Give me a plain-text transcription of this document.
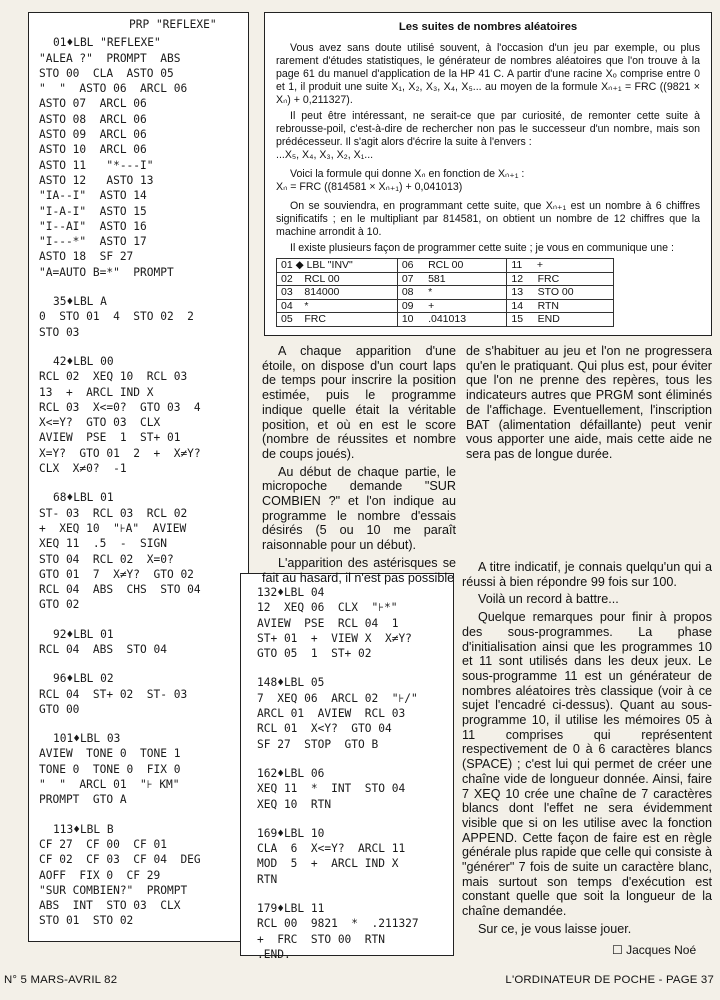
PRP "REFLEXE"
01♦LBL "REFLEXE"
"ALEA ?"  PROMPT  ABS
STO 00  CLA  ASTO 05
"  "  ASTO 06  ARCL 06
ASTO 07  ARCL 06
ASTO 08  ARCL 06
ASTO 09  ARCL 06
ASTO 10  ARCL 06
ASTO 11   "*---I"
ASTO 12   ASTO 13
"IA--I"  ASTO 14
"I-A-I"  ASTO 15
"I--AI"  ASTO 16
"I---*"  ASTO 17
ASTO 18  SF 27
"A=AUTO B=*"  PROMPT
35♦LBL A
0  STO 01  4  STO 02  2
STO 03
42♦LBL 00
RCL 02  XEQ 10  RCL 03
13  +  ARCL IND X
RCL 03  X<=0?  GTO 03  4
X<=Y?  GTO 03  CLX
AVIEW  PSE  1  ST+ 01
X=Y?  GTO 01  2  +  X≠Y?
CLX  X≠0?  -1
68♦LBL 01
ST- 03  RCL 03  RCL 02
+  XEQ 10  "⊦A"  AVIEW
XEQ 11  .5  -  SIGN
STO 04  RCL 02  X=0?
GTO 01  7  X≠Y?  GTO 02
RCL 04  ABS  CHS  STO 04
GTO 02
92♦LBL 01
RCL 04  ABS  STO 04
96♦LBL 02
RCL 04  ST+ 02  ST- 03
GTO 00
101♦LBL 03
AVIEW  TONE 0  TONE 1
TONE 0  TONE 0  FIX 0
"  "  ARCL 01  "⊦ KM"
PROMPT  GTO A
113♦LBL B
CF 27  CF 00  CF 01
CF 02  CF 03  CF 04  DEG
AOFF  FIX 0  CF 29
"SUR COMBIEN?"  PROMPT
ABS  INT  STO 03  CLX
STO 01  STO 02
132♦LBL 04
12  XEQ 06  CLX  "⊦*"
AVIEW  PSE  RCL 04  1
ST+ 01  +  VIEW X  X≠Y?
GTO 05  1  ST+ 02
148♦LBL 05
7  XEQ 06  ARCL 02  "⊦/"
ARCL 01  AVIEW  RCL 03
RCL 01  X<Y?  GTO 04
SF 27  STOP  GTO B
162♦LBL 06
XEQ 11  *  INT  STO 04
XEQ 10  RTN
169♦LBL 10
CLA  6  X<=Y?  ARCL 11
MOD  5  +  ARCL IND X
RTN
179♦LBL 11
RCL 00  9821  *  .211327
+  FRC  STO 00  RTN
.END.
Les suites de nombres aléatoires

Vous avez sans doute utilisé souvent, à l'occasion d'un jeu par exemple, ou plus rarement d'études statistiques, le générateur de nombres aléatoires que l'on trouve à la page 61 du manuel d'application de la HP 41 C. A partir d'une racine Xₒ comprise entre 0 et 1, il produit une suite X₁, X₂, X₃, X₄, X₅... au moyen de la formule Xₙ₊₁ = FRC ((9821 × Xₙ) + 0,211327).

Il peut être intéressant, ne serait-ce que par curiosité, de remonter cette suite à rebrousse-poil, c'est-à-dire de rechercher non pas le successeur d'un nombre, mais son prédécesseur. Il s'agit alors d'écrire la suite à l'envers :

...X₅, X₄, X₃, X₂, X₁...

Voici la formule qui donne Xₙ en fonction de Xₙ₊₁ :

Xₙ = FRC ((814581 × Xₙ₊₁) + 0,041013)

On se souviendra, en programmant cette suite, que Xₙ₊₁ est un nombre à 6 chiffres significatifs ; en le multipliant par 814581, on obtient un nombre de 12 chiffres que la machine arrondit à 10.

Il existe plusieurs façon de programmer cette suite ; je vous en communique une :

01 ◆ LBL "INV"	06     RCL 00	11     +
02    RCL 00	07     581	12     FRC
03    814000	08     *	13     STO 00
04    *	09     +	14     RTN
05    FRC	10     .041013	15     END

A chaque apparition d'une étoile, on dispose d'un court laps de temps pour inscrire la position estimée, puis le programme indique quelle était la véritable position, et où en est le score (nombre de réussites et nombre de coups joués).

Au début de chaque partie, le micropoche demande "SUR COMBIEN ?" et l'on indique au programme le nombre d'essais désirés (5 ou 10 me paraît raisonnable pour un début).

L'apparition des astérisques se fait au hasard, il n'est pas possible

de s'habituer au jeu et l'on ne progressera qu'en le pratiquant. Qui plus est, pour éviter que l'on ne prenne des repères, tous les indicateurs autres que PRGM sont éliminés de l'affichage. Eventuellement, l'inscription BAT (alimentation défaillante) peut venir vous apporter une aide, mais cette aide ne sera pas de longue durée.

A titre indicatif, je connais quelqu'un qui a réussi à bien répondre 99 fois sur 100.

Voilà un record à battre...

Quelque remarques pour finir à propos des sous-programmes. La phase d'initialisation ainsi que les programmes 10 et 11 sont utilisés dans les deux jeux. Le sous-programme 11 est un générateur de nombres aléatoires très classique (voir à ce sujet l'encadré ci-dessus). Quant au sous-programme 10, il utilise les mémoires 05 à 11 comprises qui représentent respectivement de 0 à 6 caractères blancs (SPACE) ; c'est lui qui permet de créer une chaîne vide de longueur donnée. Ainsi, faire 7 XEQ 10 crée une chaîne de 7 caractères blancs dont l'effet ne sera évidemment visible que si on les utilise avec la fonction APPEND. Cette façon de faire est en règle générale plus rapide que celle qui consiste à "générer" 7 fois de suite un caractère blanc, mais surtout son temps d'exécution est constant quelle que soit la longueur de la chaîne demandée.

Sur ce, je vous laisse jouer.

☐ Jacques Noé
N° 5 MARS-AVRIL 82	L'ORDINATEUR DE POCHE - PAGE 37
